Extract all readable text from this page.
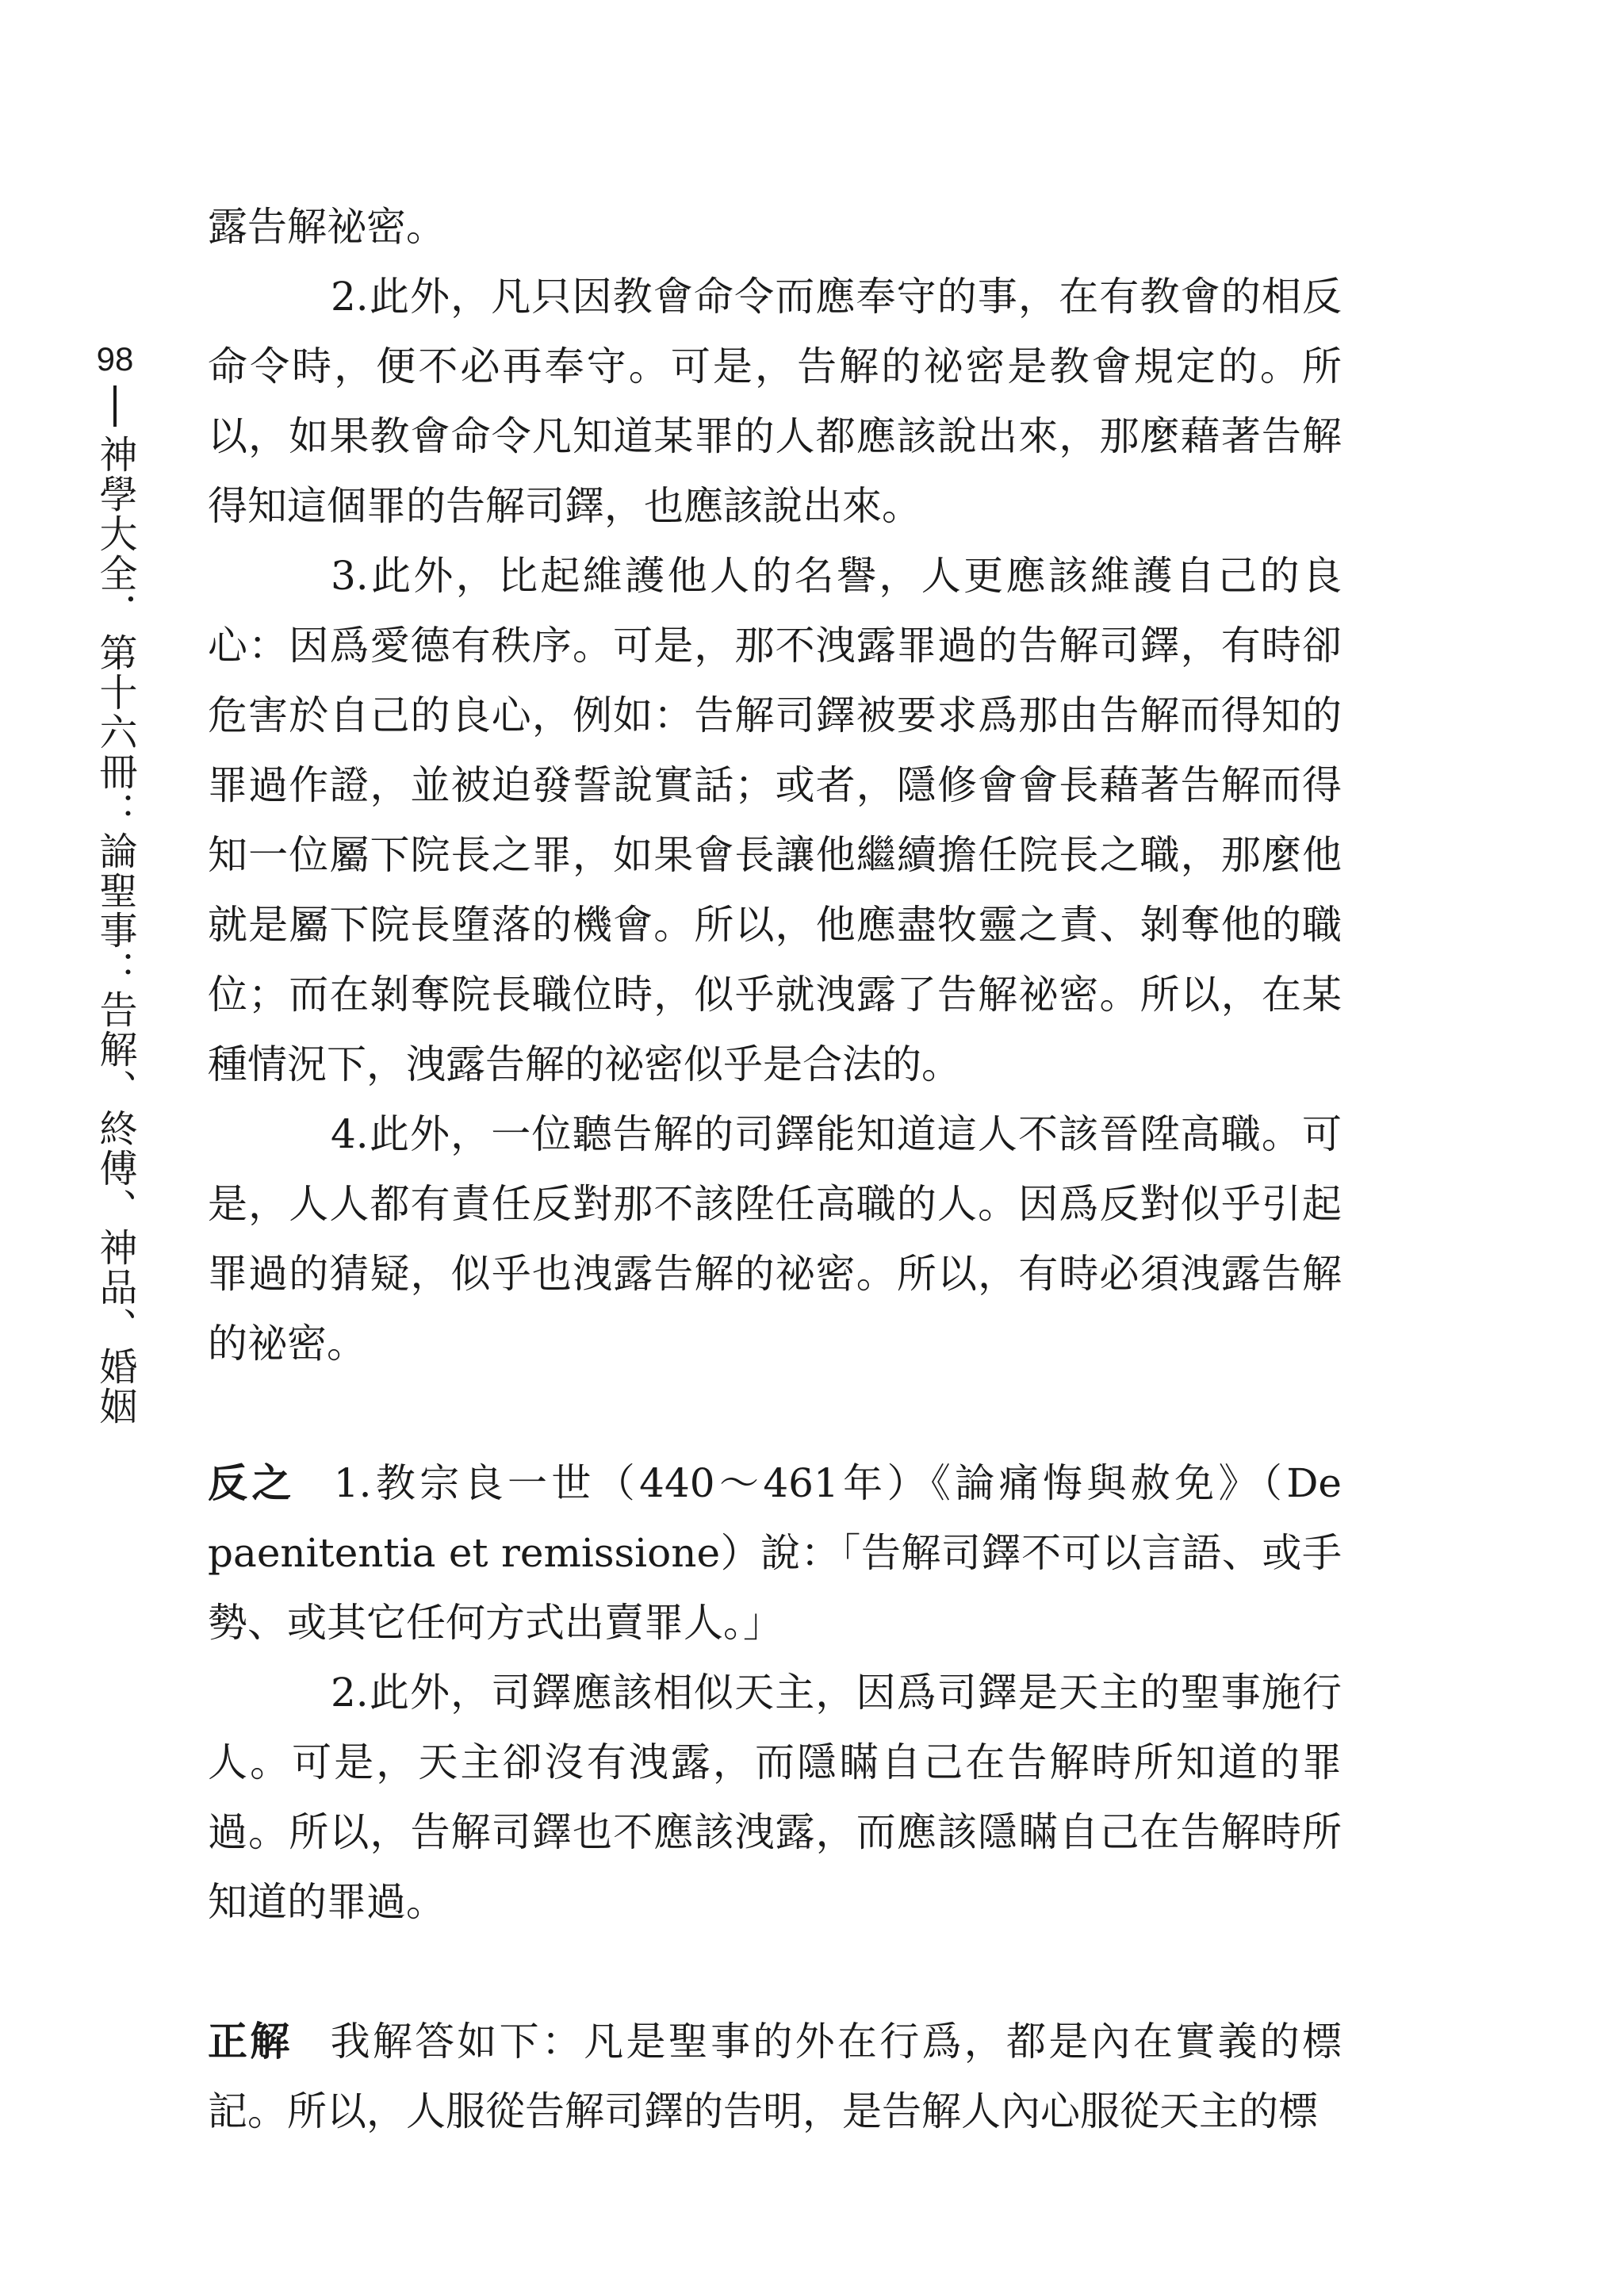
98
神學大全．第十六冊：論聖事：告解、終傅、神品、婚姻

露告解祕密。

2.此外，凡只因教會命令而應奉守的事，在有教會的相反命令時，便不必再奉守。可是，告解的祕密是教會規定的。所以，如果教會命令凡知道某罪的人都應該說出來，那麼藉著告解得知這個罪的告解司鐸，也應該說出來。

3.此外，比起維護他人的名譽，人更應該維護自己的良心：因爲愛德有秩序。可是，那不洩露罪過的告解司鐸，有時卻危害於自己的良心，例如：告解司鐸被要求爲那由告解而得知的罪過作證，並被迫發誓說實話；或者，隱修會會長藉著告解而得知一位屬下院長之罪，如果會長讓他繼續擔任院長之職，那麼他就是屬下院長墮落的機會。所以，他應盡牧靈之責、剝奪他的職位；而在剝奪院長職位時，似乎就洩露了告解祕密。所以，在某種情況下，洩露告解的祕密似乎是合法的。

4.此外，一位聽告解的司鐸能知道這人不該晉陞高職。可是，人人都有責任反對那不該陞任高職的人。因爲反對似乎引起罪過的猜疑，似乎也洩露告解的祕密。所以，有時必須洩露告解的祕密。

反之 1.教宗良一世（440～461年）《論痛悔與赦免》（De paenitentia et remissione）說：「告解司鐸不可以言語、或手勢、或其它任何方式出賣罪人。」

2.此外，司鐸應該相似天主，因爲司鐸是天主的聖事施行人。可是，天主卻沒有洩露，而隱瞞自己在告解時所知道的罪過。所以，告解司鐸也不應該洩露，而應該隱瞞自己在告解時所知道的罪過。

正解 我解答如下：凡是聖事的外在行爲，都是內在實義的標記。所以，人服從告解司鐸的告明，是告解人內心服從天主的標
